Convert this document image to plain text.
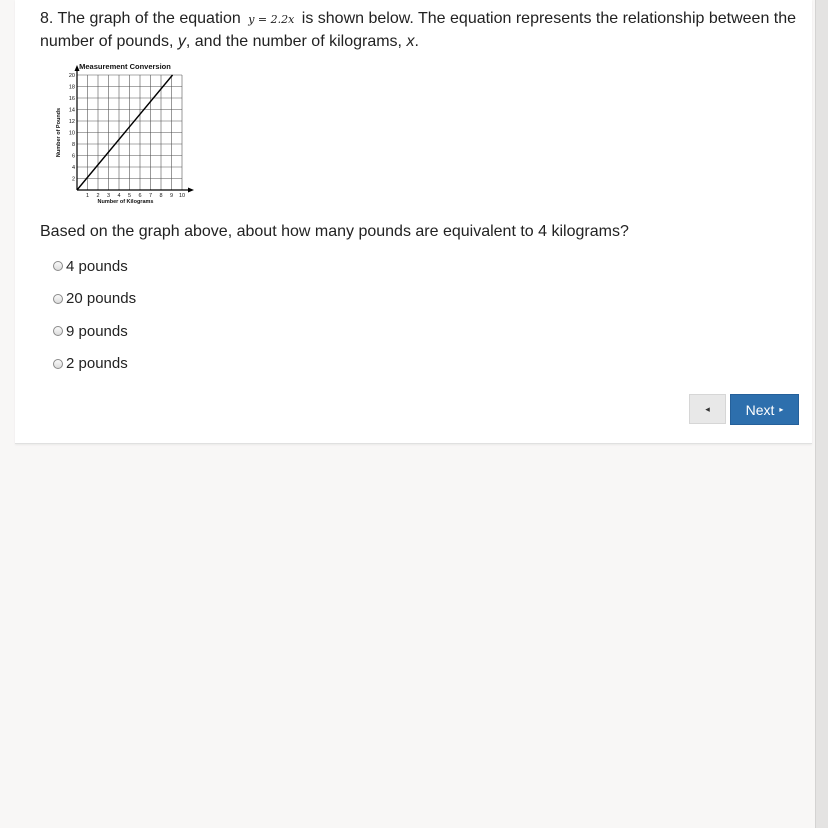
8. The graph of the equation y = 2.2x is shown below. The equation represents the relationship between the number of pounds, y, and the number of kilograms, x.
Measurement Conversion
1 2 3 4 5 6 7 8 9 10
2
4
6
8
10
12
14
16
18
20
Number of Kilograms
Number of Pounds
Based on the graph above, about how many pounds are equivalent to 4 kilograms?
4 pounds
20 pounds
9 pounds
2 pounds
◂	Next ▸
